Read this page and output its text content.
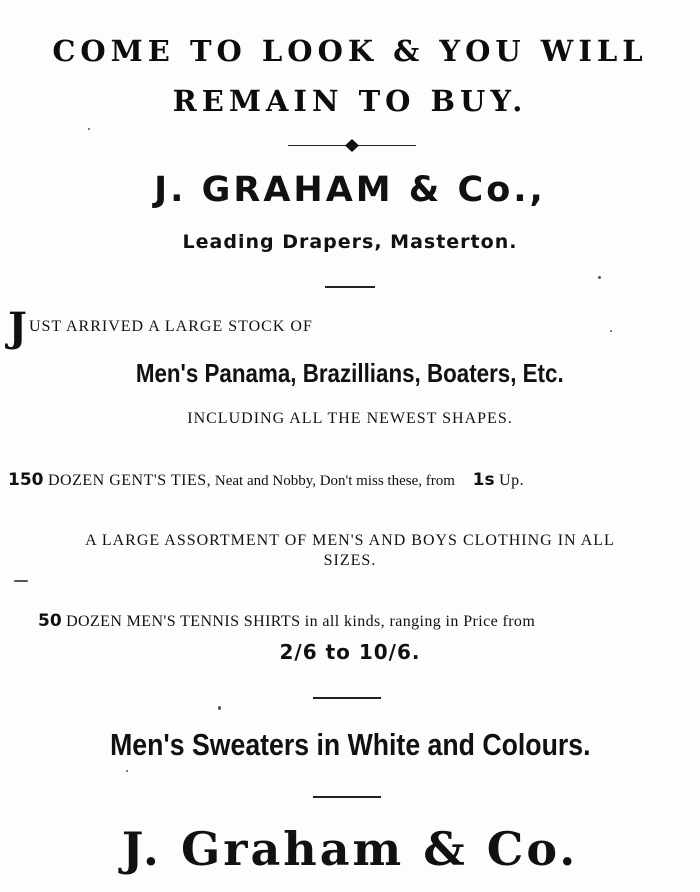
COME TO LOOK & YOU WILL
REMAIN TO BUY.
J. GRAHAM & Co.,
Leading Drapers, Masterton.
J UST ARRIVED A LARGE STOCK OF
Men's Panama, Brazillians, Boaters, Etc.
INCLUDING ALL THE NEWEST SHAPES.
150 DOZEN GENT'S TIES, Neat and Nobby, Don't miss these, from 1s Up.
A LARGE ASSORTMENT OF MEN'S AND BOYS CLOTHING IN ALL
SIZES.
50 DOZEN MEN'S TENNIS SHIRTS in all kinds, ranging in Price from
2/6 to 10/6.
Men's Sweaters in White and Colours.
J. Graham & Co.
